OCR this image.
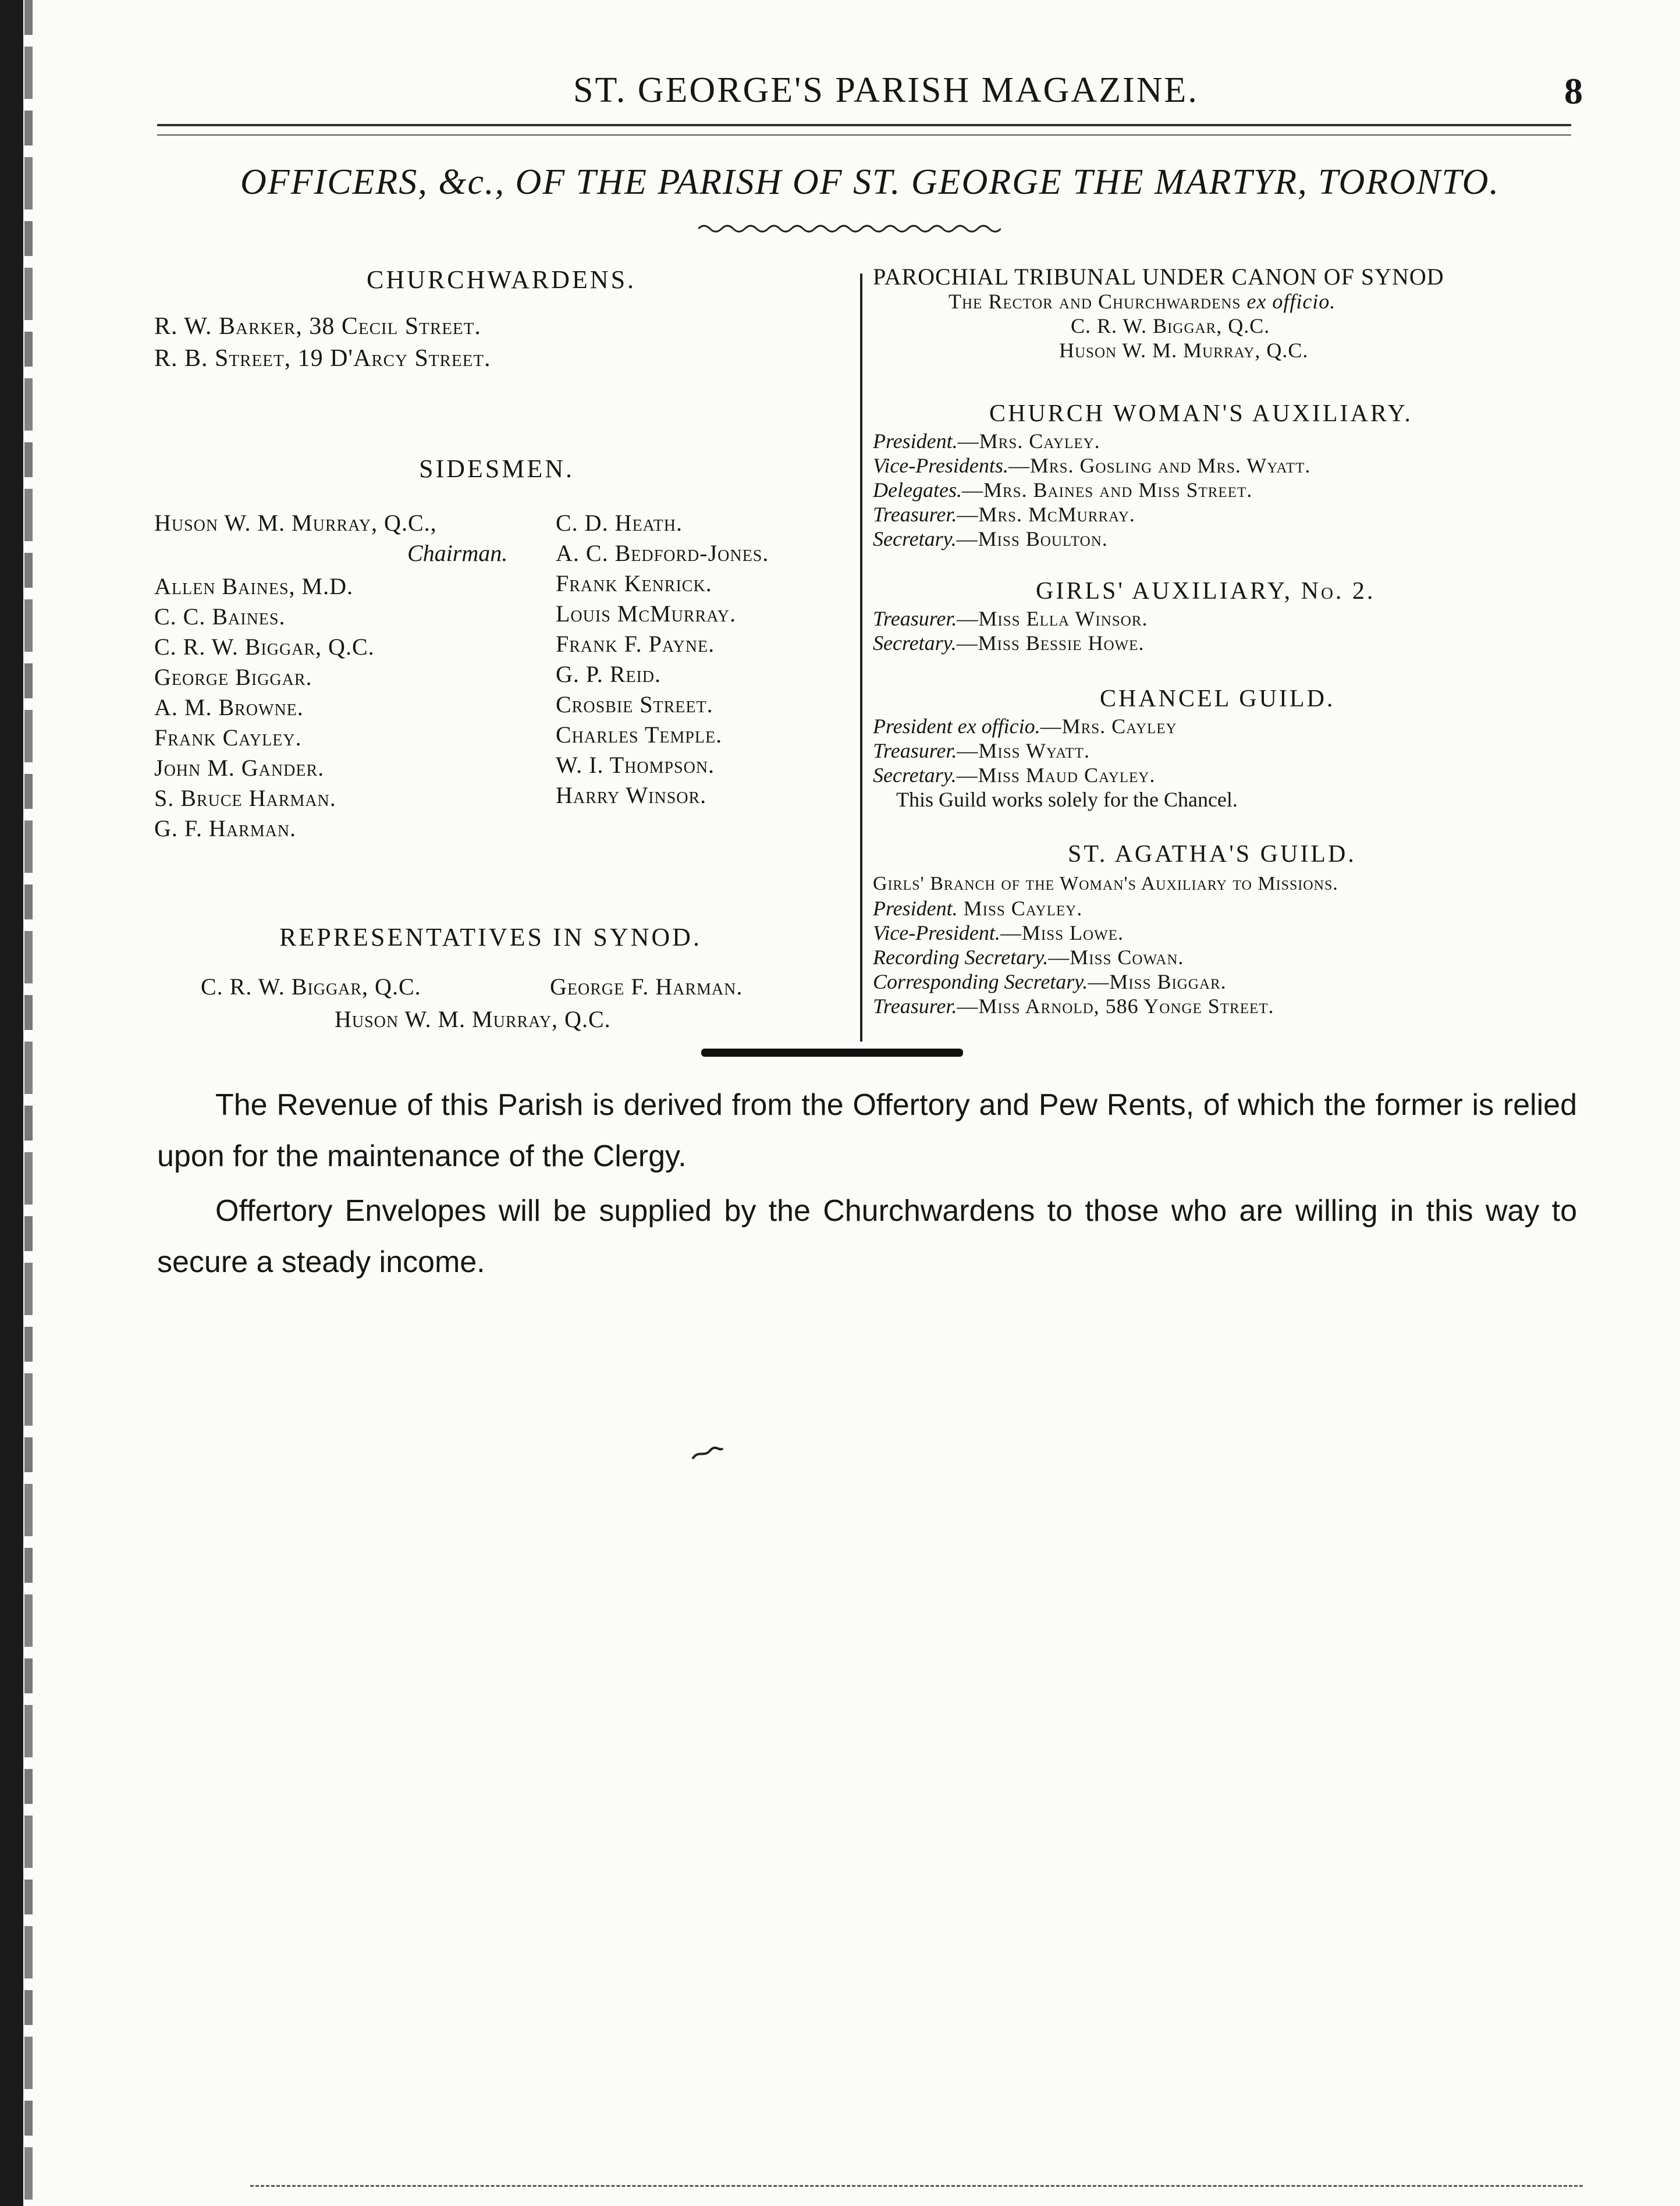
ST. GEORGE'S PARISH MAGAZINE.	8
OFFICERS, &c., OF THE PARISH OF ST. GEORGE THE MARTYR, TORONTO.
CHURCHWARDENS.
R. W. Barker, 38 Cecil Street.
R. B. Street, 19 D'Arcy Street.
SIDESMEN.
Huson W. M. Murray, Q.C.,
Chairman.
Allen Baines, M.D.
C. C. Baines.
C. R. W. Biggar, Q.C.
George Biggar.
A. M. Browne.
Frank Cayley.
John M. Gander.
S. Bruce Harman.
G. F. Harman.
C. D. Heath.
A. C. Bedford-Jones.
Frank Kenrick.
Louis McMurray.
Frank F. Payne.
G. P. Reid.
Crosbie Street.
Charles Temple.
W. I. Thompson.
Harry Winsor.
REPRESENTATIVES IN SYNOD.
C. R. W. Biggar, Q.C.	George F. Harman.
Huson W. M. Murray, Q.C.
PAROCHIAL TRIBUNAL UNDER CANON OF SYNOD
The Rector and Churchwardens ex officio.
C. R. W. Biggar, Q.C.
Huson W. M. Murray, Q.C.
CHURCH WOMAN'S AUXILIARY.
President.—Mrs. Cayley.
Vice-Presidents.—Mrs. Gosling and Mrs. Wyatt.
Delegates.—Mrs. Baines and Miss Street.
Treasurer.—Mrs. McMurray.
Secretary.—Miss Boulton.
GIRLS' AUXILIARY, No. 2.
Treasurer.—Miss Ella Winsor.
Secretary.—Miss Bessie Howe.
CHANCEL GUILD.
President ex officio.—Mrs. Cayley
Treasurer.—Miss Wyatt.
Secretary.—Miss Maud Cayley.
This Guild works solely for the Chancel.
ST. AGATHA'S GUILD.
Girls' Branch of the Woman's Auxiliary to Missions.
President. Miss Cayley.
Vice-President.—Miss Lowe.
Recording Secretary.—Miss Cowan.
Corresponding Secretary.—Miss Biggar.
Treasurer.—Miss Arnold, 586 Yonge Street.

The Revenue of this Parish is derived from the Offertory and Pew Rents, of which the former is relied upon for the maintenance of the Clergy.

Offertory Envelopes will be supplied by the Churchwardens to those who are willing in this way to secure a steady income.
